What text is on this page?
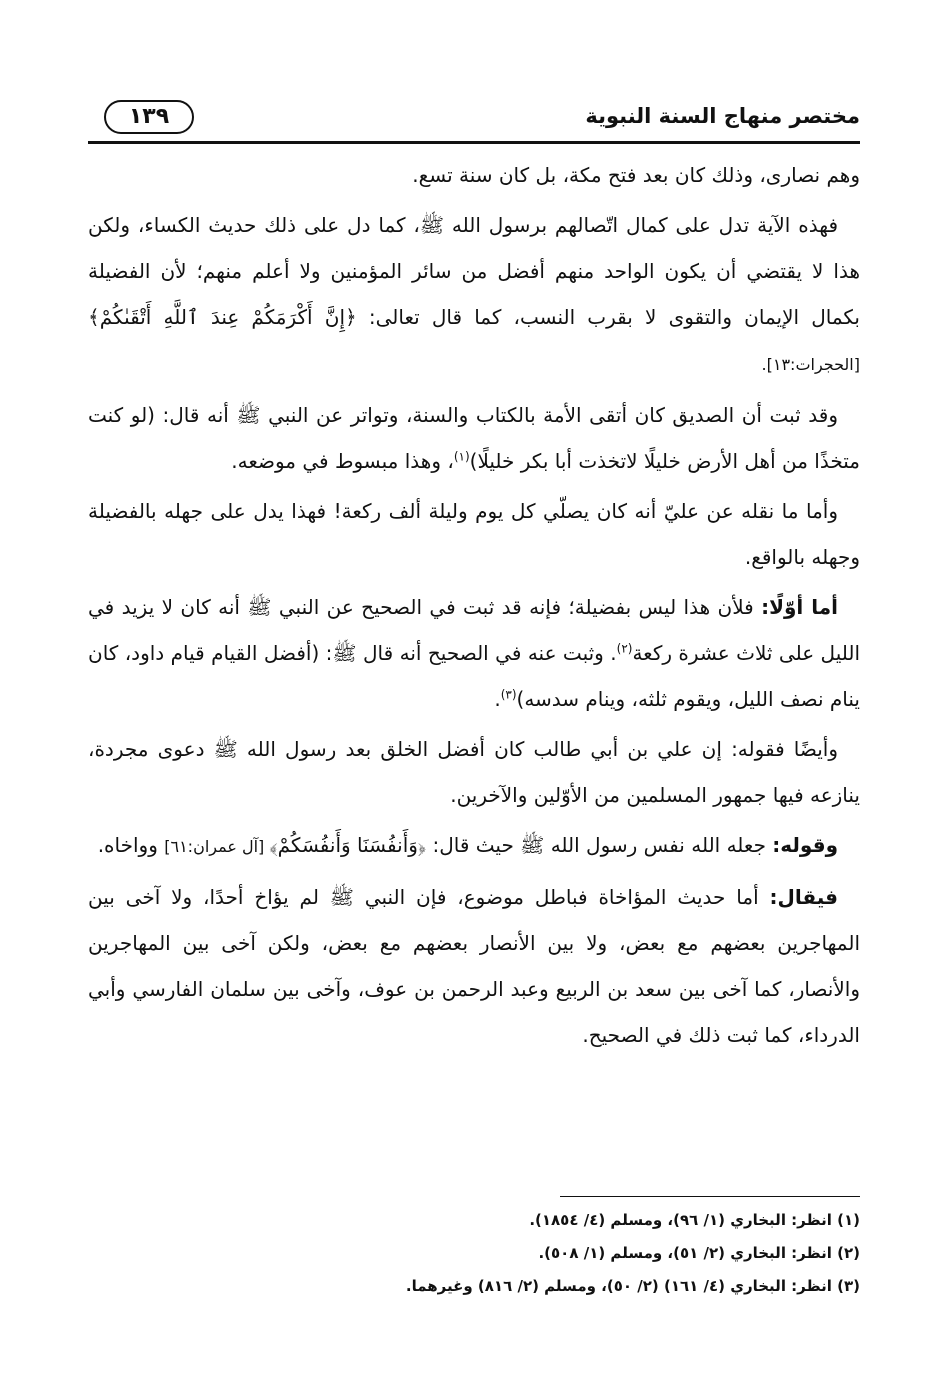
مختصر منهاج السنة النبوية
١٣٩

وهم نصارى، وذلك كان بعد فتح مكة، بل كان سنة تسع.

فهذه الآية تدل على كمال اتّصالهم برسول الله ﷺ، كما دل على ذلك حديث الكساء، ولكن هذا لا يقتضي أن يكون الواحد منهم أفضل من سائر المؤمنين ولا أعلم منهم؛ لأن الفضيلة بكمال الإيمان والتقوى لا بقرب النسب، كما قال تعالى: ﴿إِنَّ أَكْرَمَكُمْ عِندَ ٱللَّهِ أَتْقَىٰكُمْ﴾ [الحجرات:١٣].

وقد ثبت أن الصديق كان أتقى الأمة بالكتاب والسنة، وتواتر عن النبي ﷺ أنه قال: (لو كنت متخذًا من أهل الأرض خليلًا لاتخذت أبا بكر خليلًا)$^{(١)}$، وهذا مبسوط في موضعه.

وأما ما نقله عن عليّ أنه كان يصلّي كل يوم وليلة ألف ركعة! فهذا يدل على جهله بالفضيلة وجهله بالواقع.

أما أوّلًا: فلأن هذا ليس بفضيلة؛ فإنه قد ثبت في الصحيح عن النبي ﷺ أنه كان لا يزيد في الليل على ثلاث عشرة ركعة$^{(٢)}$. وثبت عنه في الصحيح أنه قال ﷺ: (أفضل القيام قيام داود، كان ينام نصف الليل، ويقوم ثلثه، وينام سدسه)$^{(٣)}$.

وأيضًا فقوله: إن علي بن أبي طالب كان أفضل الخلق بعد رسول الله ﷺ دعوى مجردة، ينازعه فيها جمهور المسلمين من الأوّلين والآخرين.

وقوله: جعله الله نفس رسول الله ﷺ حيث قال: ﴿وَأَنفُسَنَا وَأَنفُسَكُمْ﴾ [آل عمران:٦١] وواخاه.

فيقال: أما حديث المؤاخاة فباطل موضوع، فإن النبي ﷺ لم يؤاخ أحدًا، ولا آخى بين المهاجرين بعضهم مع بعض، ولا بين الأنصار بعضهم مع بعض، ولكن آخى بين المهاجرين والأنصار، كما آخى بين سعد بن الربيع وعبد الرحمن بن عوف، وآخى بين سلمان الفارسي وأبي الدرداء، كما ثبت ذلك في الصحيح.

(١) انظر: البخاري (١/ ٩٦)، ومسلم (٤/ ١٨٥٤).
(٢) انظر: البخاري (٢/ ٥١)، ومسلم (١/ ٥٠٨).
(٣) انظر: البخاري (٤/ ١٦١) (٢/ ٥٠)، ومسلم (٢/ ٨١٦) وغيرهما.
